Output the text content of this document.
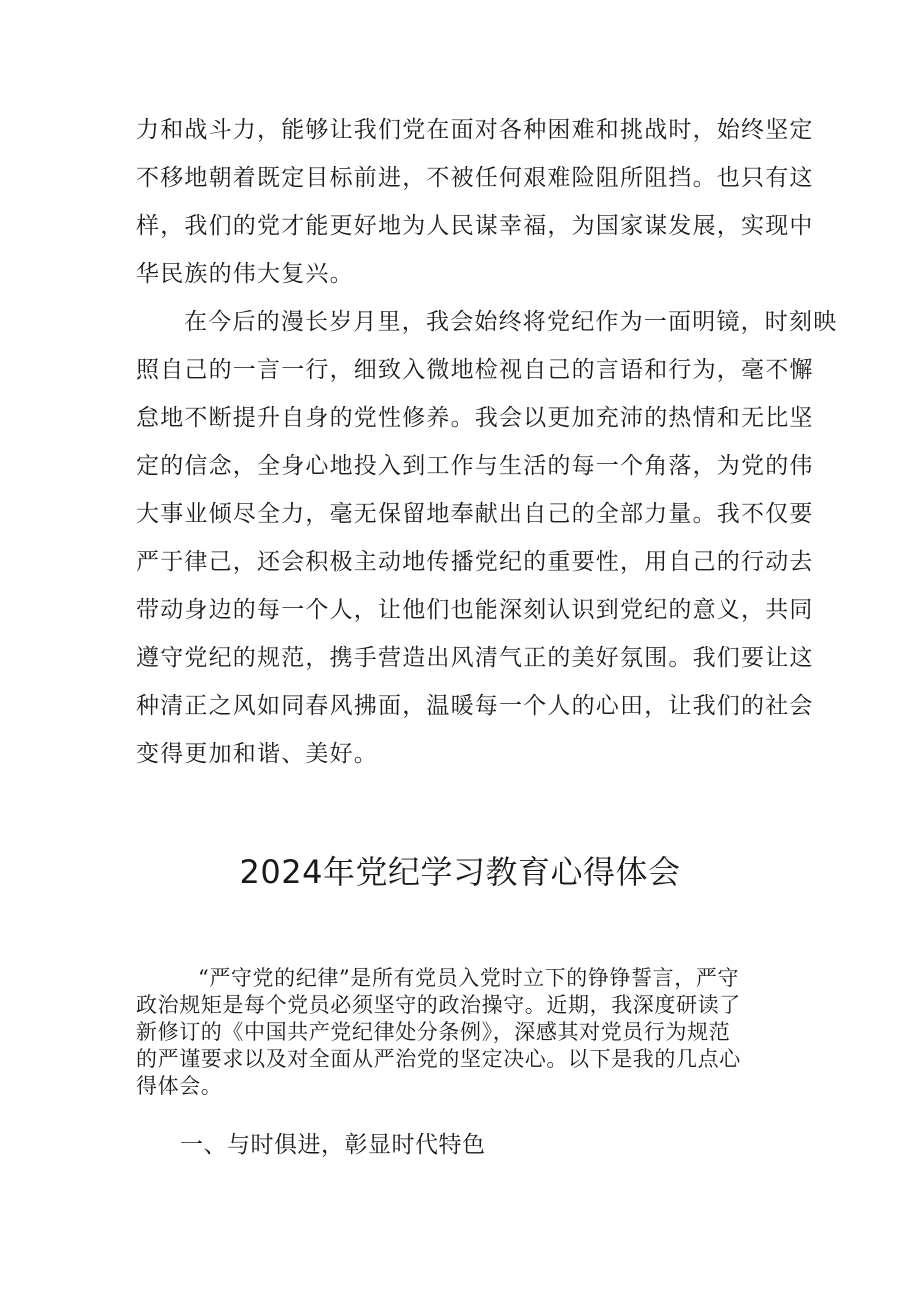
力和战斗力，能够让我们党在面对各种困难和挑战时，始终坚定
不移地朝着既定目标前进，不被任何艰难险阻所阻挡。也只有这
样，我们的党才能更好地为人民谋幸福，为国家谋发展，实现中
华民族的伟大复兴。
在今后的漫长岁月里，我会始终将党纪作为一面明镜，时刻映
照自己的一言一行，细致入微地检视自己的言语和行为，毫不懈
怠地不断提升自身的党性修养。我会以更加充沛的热情和无比坚
定的信念，全身心地投入到工作与生活的每一个角落，为党的伟
大事业倾尽全力，毫无保留地奉献出自己的全部力量。我不仅要
严于律己，还会积极主动地传播党纪的重要性，用自己的行动去
带动身边的每一个人，让他们也能深刻认识到党纪的意义，共同
遵守党纪的规范，携手营造出风清气正的美好氛围。我们要让这
种清正之风如同春风拂面，温暖每一个人的心田，让我们的社会
变得更加和谐、美好。
2024年党纪学习教育心得体会
“严守党的纪律”是所有党员入党时立下的铮铮誓言，严守
政治规矩是每个党员必须坚守的政治操守。近期，我深度研读了
新修订的《中国共产党纪律处分条例》，深感其对党员行为规范
的严谨要求以及对全面从严治党的坚定决心。以下是我的几点心
得体会。
一、与时俱进，彰显时代特色
